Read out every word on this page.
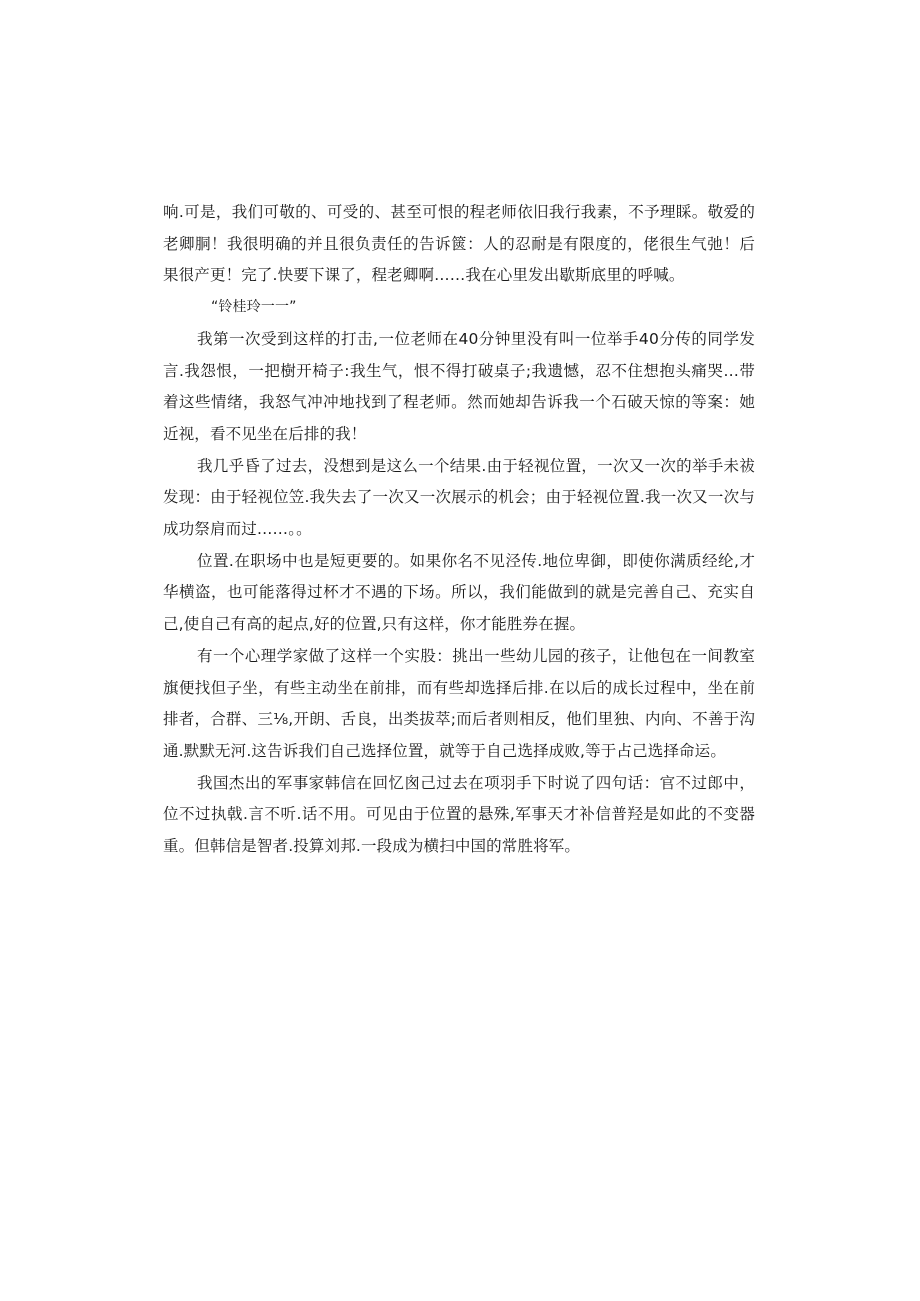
响.可是，我们可敬的、可受的、甚至可恨的程老师依旧我行我素，不予理睬。敬爱的老卿胴！我很明确的并且很负责任的告诉篋：人的忍耐是有限度的，佬很生气弛！后果很产更！完了.快要下课了，程老卿啊……我在心里发出歇斯底里的呼喊。

“铃桂玲一一”

我第一次受到这样的打击,一位老师在40分钟里没有叫一位举手40分传的同学发言.我怨恨，一把樹开椅子:我生气，恨不得打破桌子;我遗憾，忍不住想抱头痛哭…带着这些情绪，我怒气冲冲地找到了程老师。然而她却告诉我一个石破天惊的等案：她近视，看不见坐在后排的我！

我几乎昏了过去，没想到是这么一个结果.由于轻视位置，一次又一次的举手未祓发现：由于轻视位笠.我失去了一次又一次展示的机会；由于轻视位置.我一次又一次与成功祭肩而过……。。

位置.在职场中也是短更要的。如果你名不见泾传.地位卑御，即使你满质经纶,才华横盗，也可能落得过杯才不遇的下场。所以，我们能做到的就是完善自己、充实自己,使自己有高的起点,好的位置,只有这样，你才能胜券在握。

有一个心理学家做了这样一个实股：挑出一些幼儿园的孩子，让他包在一间教室旗便找但子坐，有些主动坐在前排，而有些却选择后排.在以后的成长过程中，坐在前排者，合群、三⅛,开朗、舌良，出类拔萃;而后者则相反，他们里独、内向、不善于沟通.默默无河.这告诉我们自己选择位置，就等于自己选择成败,等于占己选择命运。

我国杰出的军事家韩信在回忆囪己过去在项羽手下时说了四句话：官不过郎中，位不过执戟.言不听.话不用。可见由于位置的悬殊,军事天才补信普羟是如此的不变器重。但韩信是智者.投算刘邦.一段成为横扫中国的常胜将军。
